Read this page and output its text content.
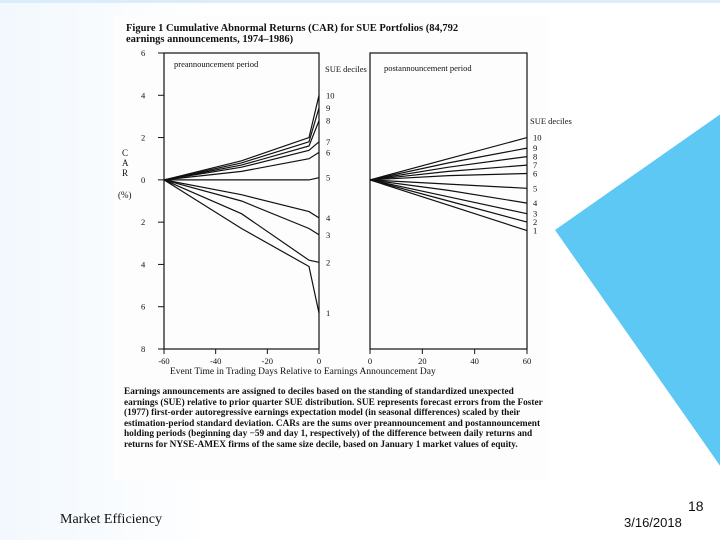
Figure 1 Cumulative Abnormal Returns (CAR) for SUE Portfolios (84,792
earnings announcements, 1974–1986)
preannouncement period	postannouncement period
SUE deciles
SUE deciles
C
A
R
(%)
6
4
2
0
2
4
6
8
-60	-40	-20	0	0	20	40	60
10
9
8
7
6
5
4
3
2
1
10
9
8
7
6
5
4
3
2
1
Event Time in Trading Days Relative to Earnings Announcement Day
Earnings announcements are assigned to deciles based on the standing of standardized unexpected earnings (SUE) relative to prior quarter SUE distribution. SUE represents forecast errors from the Foster (1977) first-order autoregressive earnings expectation model (in seasonal differences) scaled by their estimation-period standard deviation. CARs are the sums over preannouncement and postannouncement holding periods (beginning day −59 and day 1, respectively) of the difference between daily returns and returns for NYSE-AMEX firms of the same size decile, based on January 1 market values of equity.
Market Efficiency
18
3/16/2018
